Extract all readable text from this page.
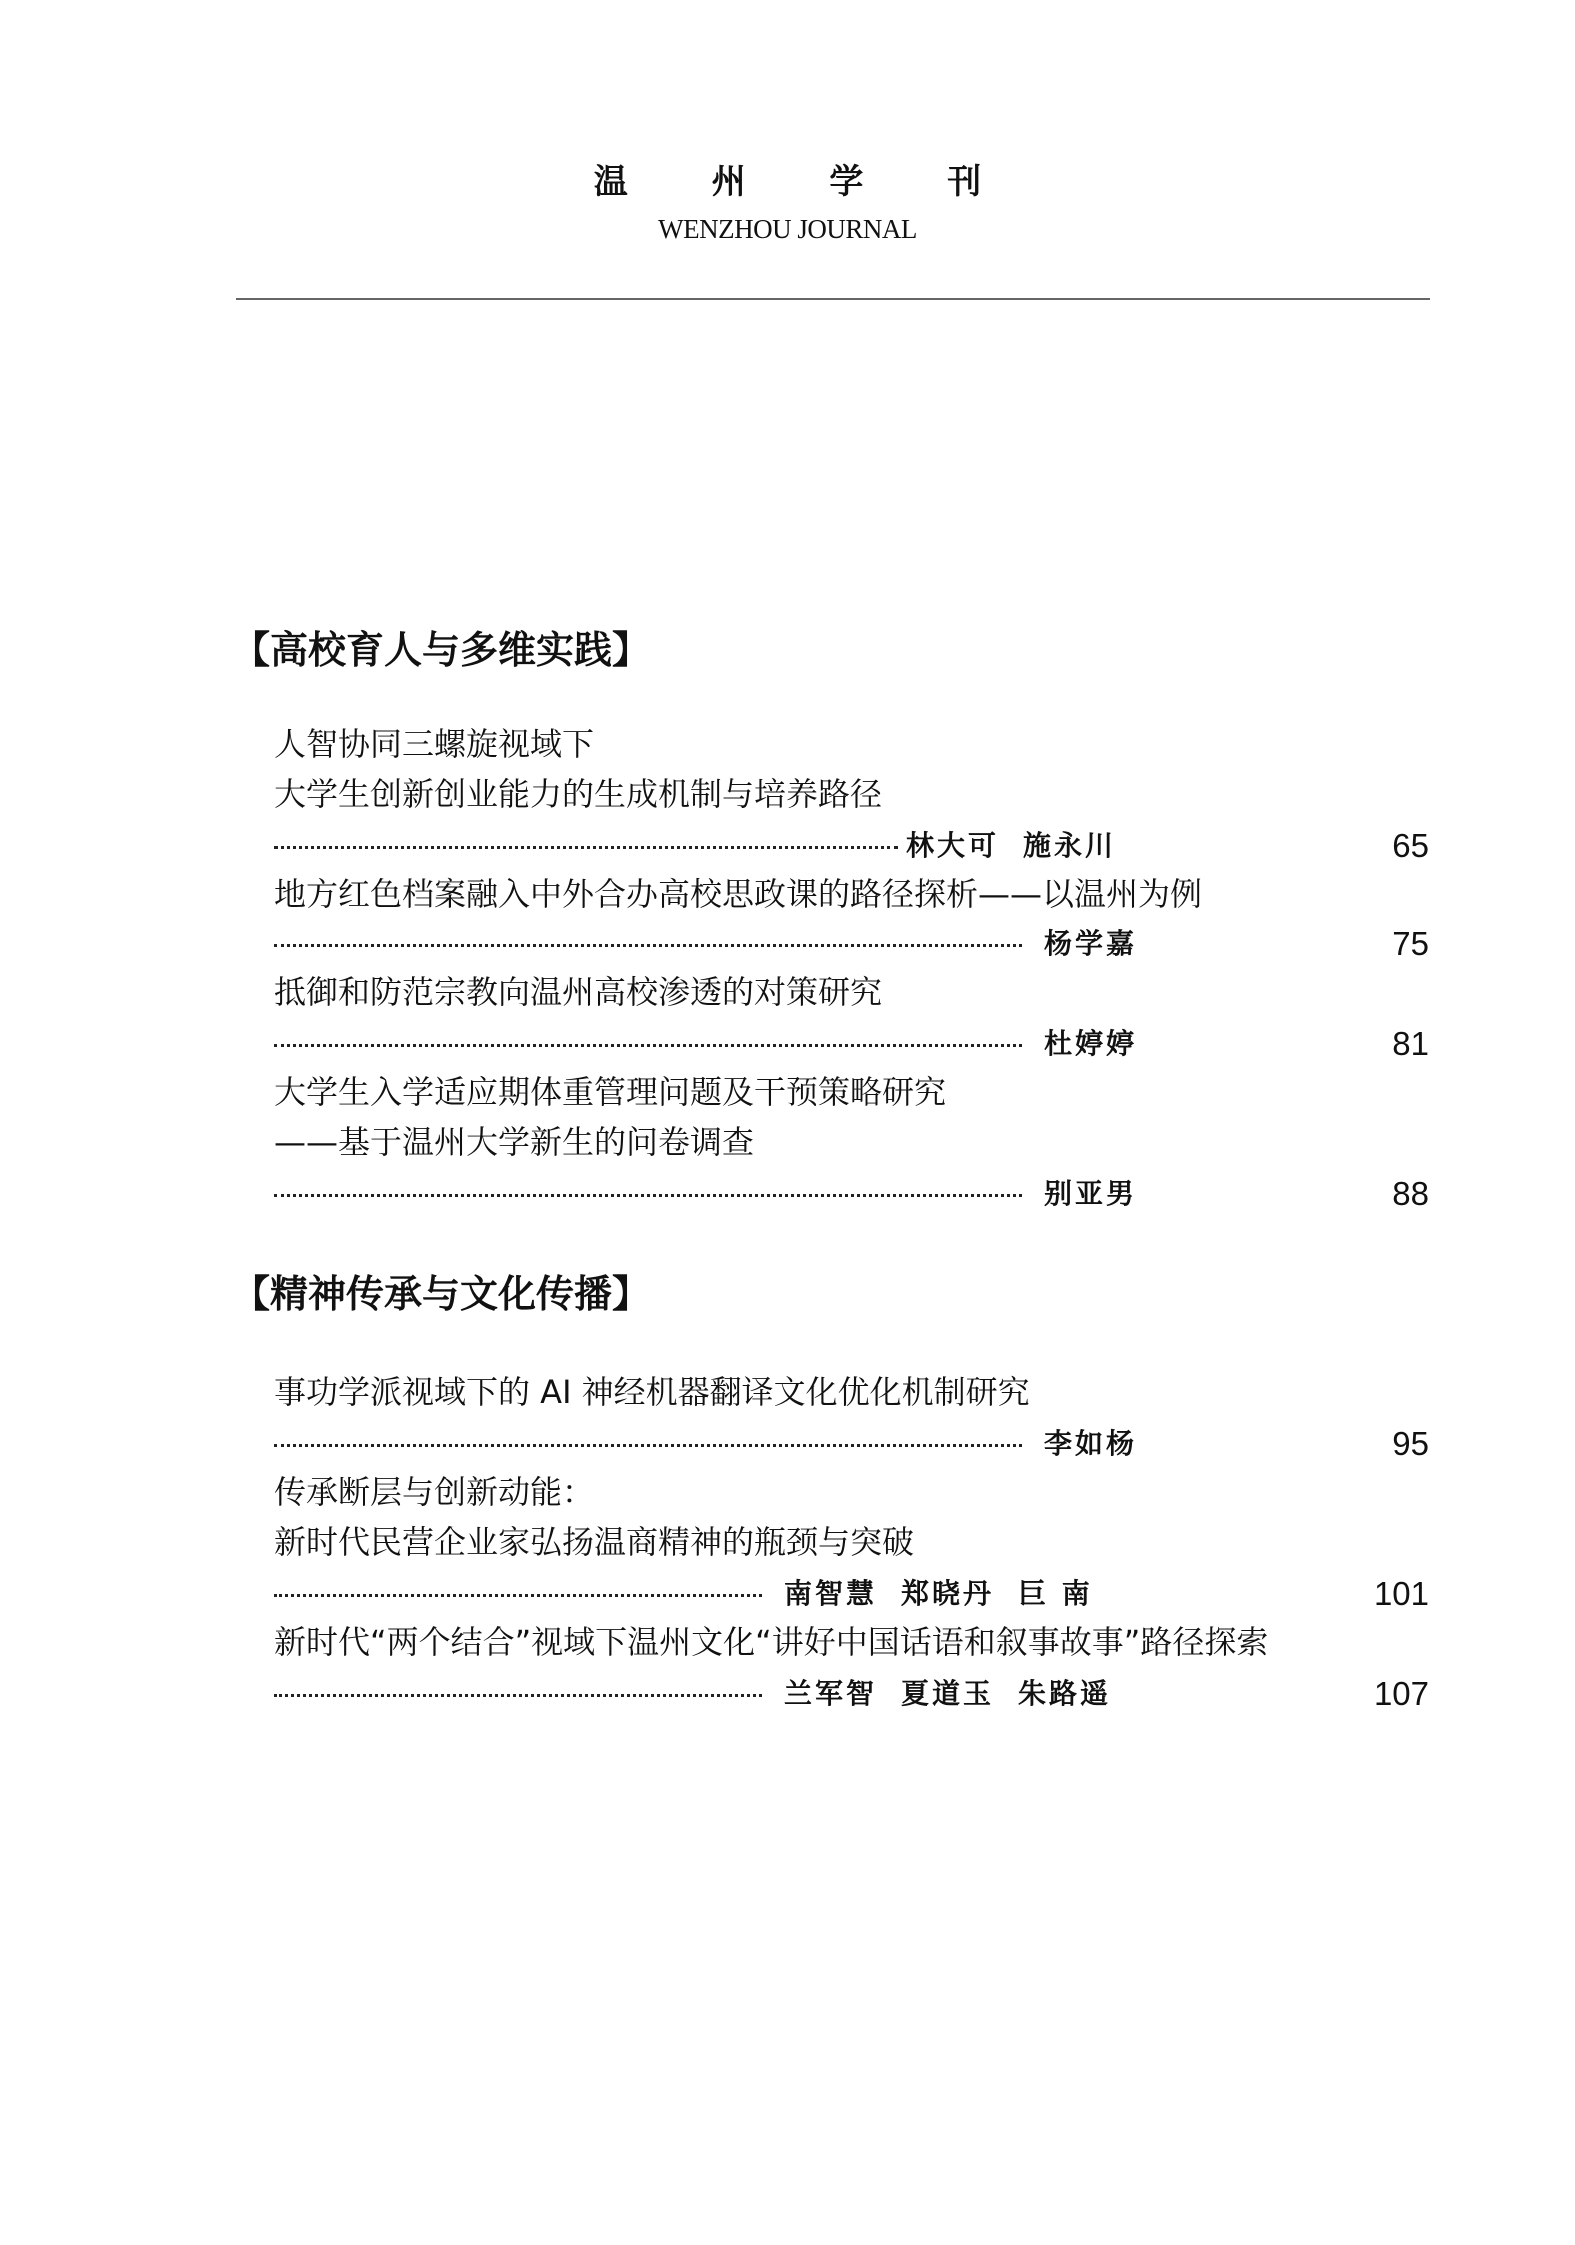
温 州 学 刊
WENZHOU JOURNAL
【高校育人与多维实践】
人智协同三螺旋视域下
大学生创新创业能力的生成机制与培养路径
林大可 施永川	65
地方红色档案融入中外合办高校思政课的路径探析——以温州为例
杨学嘉	75
抵御和防范宗教向温州高校渗透的对策研究
杜婷婷	81
大学生入学适应期体重管理问题及干预策略研究
——基于温州大学新生的问卷调查
别亚男	88
【精神传承与文化传播】
事功学派视域下的 AI 神经机器翻译文化优化机制研究
李如杨	95
传承断层与创新动能：
新时代民营企业家弘扬温商精神的瓶颈与突破
南智慧 郑晓丹 巨 南	101
新时代“两个结合”视域下温州文化“讲好中国话语和叙事故事”路径探索
兰军智 夏道玉 朱路遥	107
